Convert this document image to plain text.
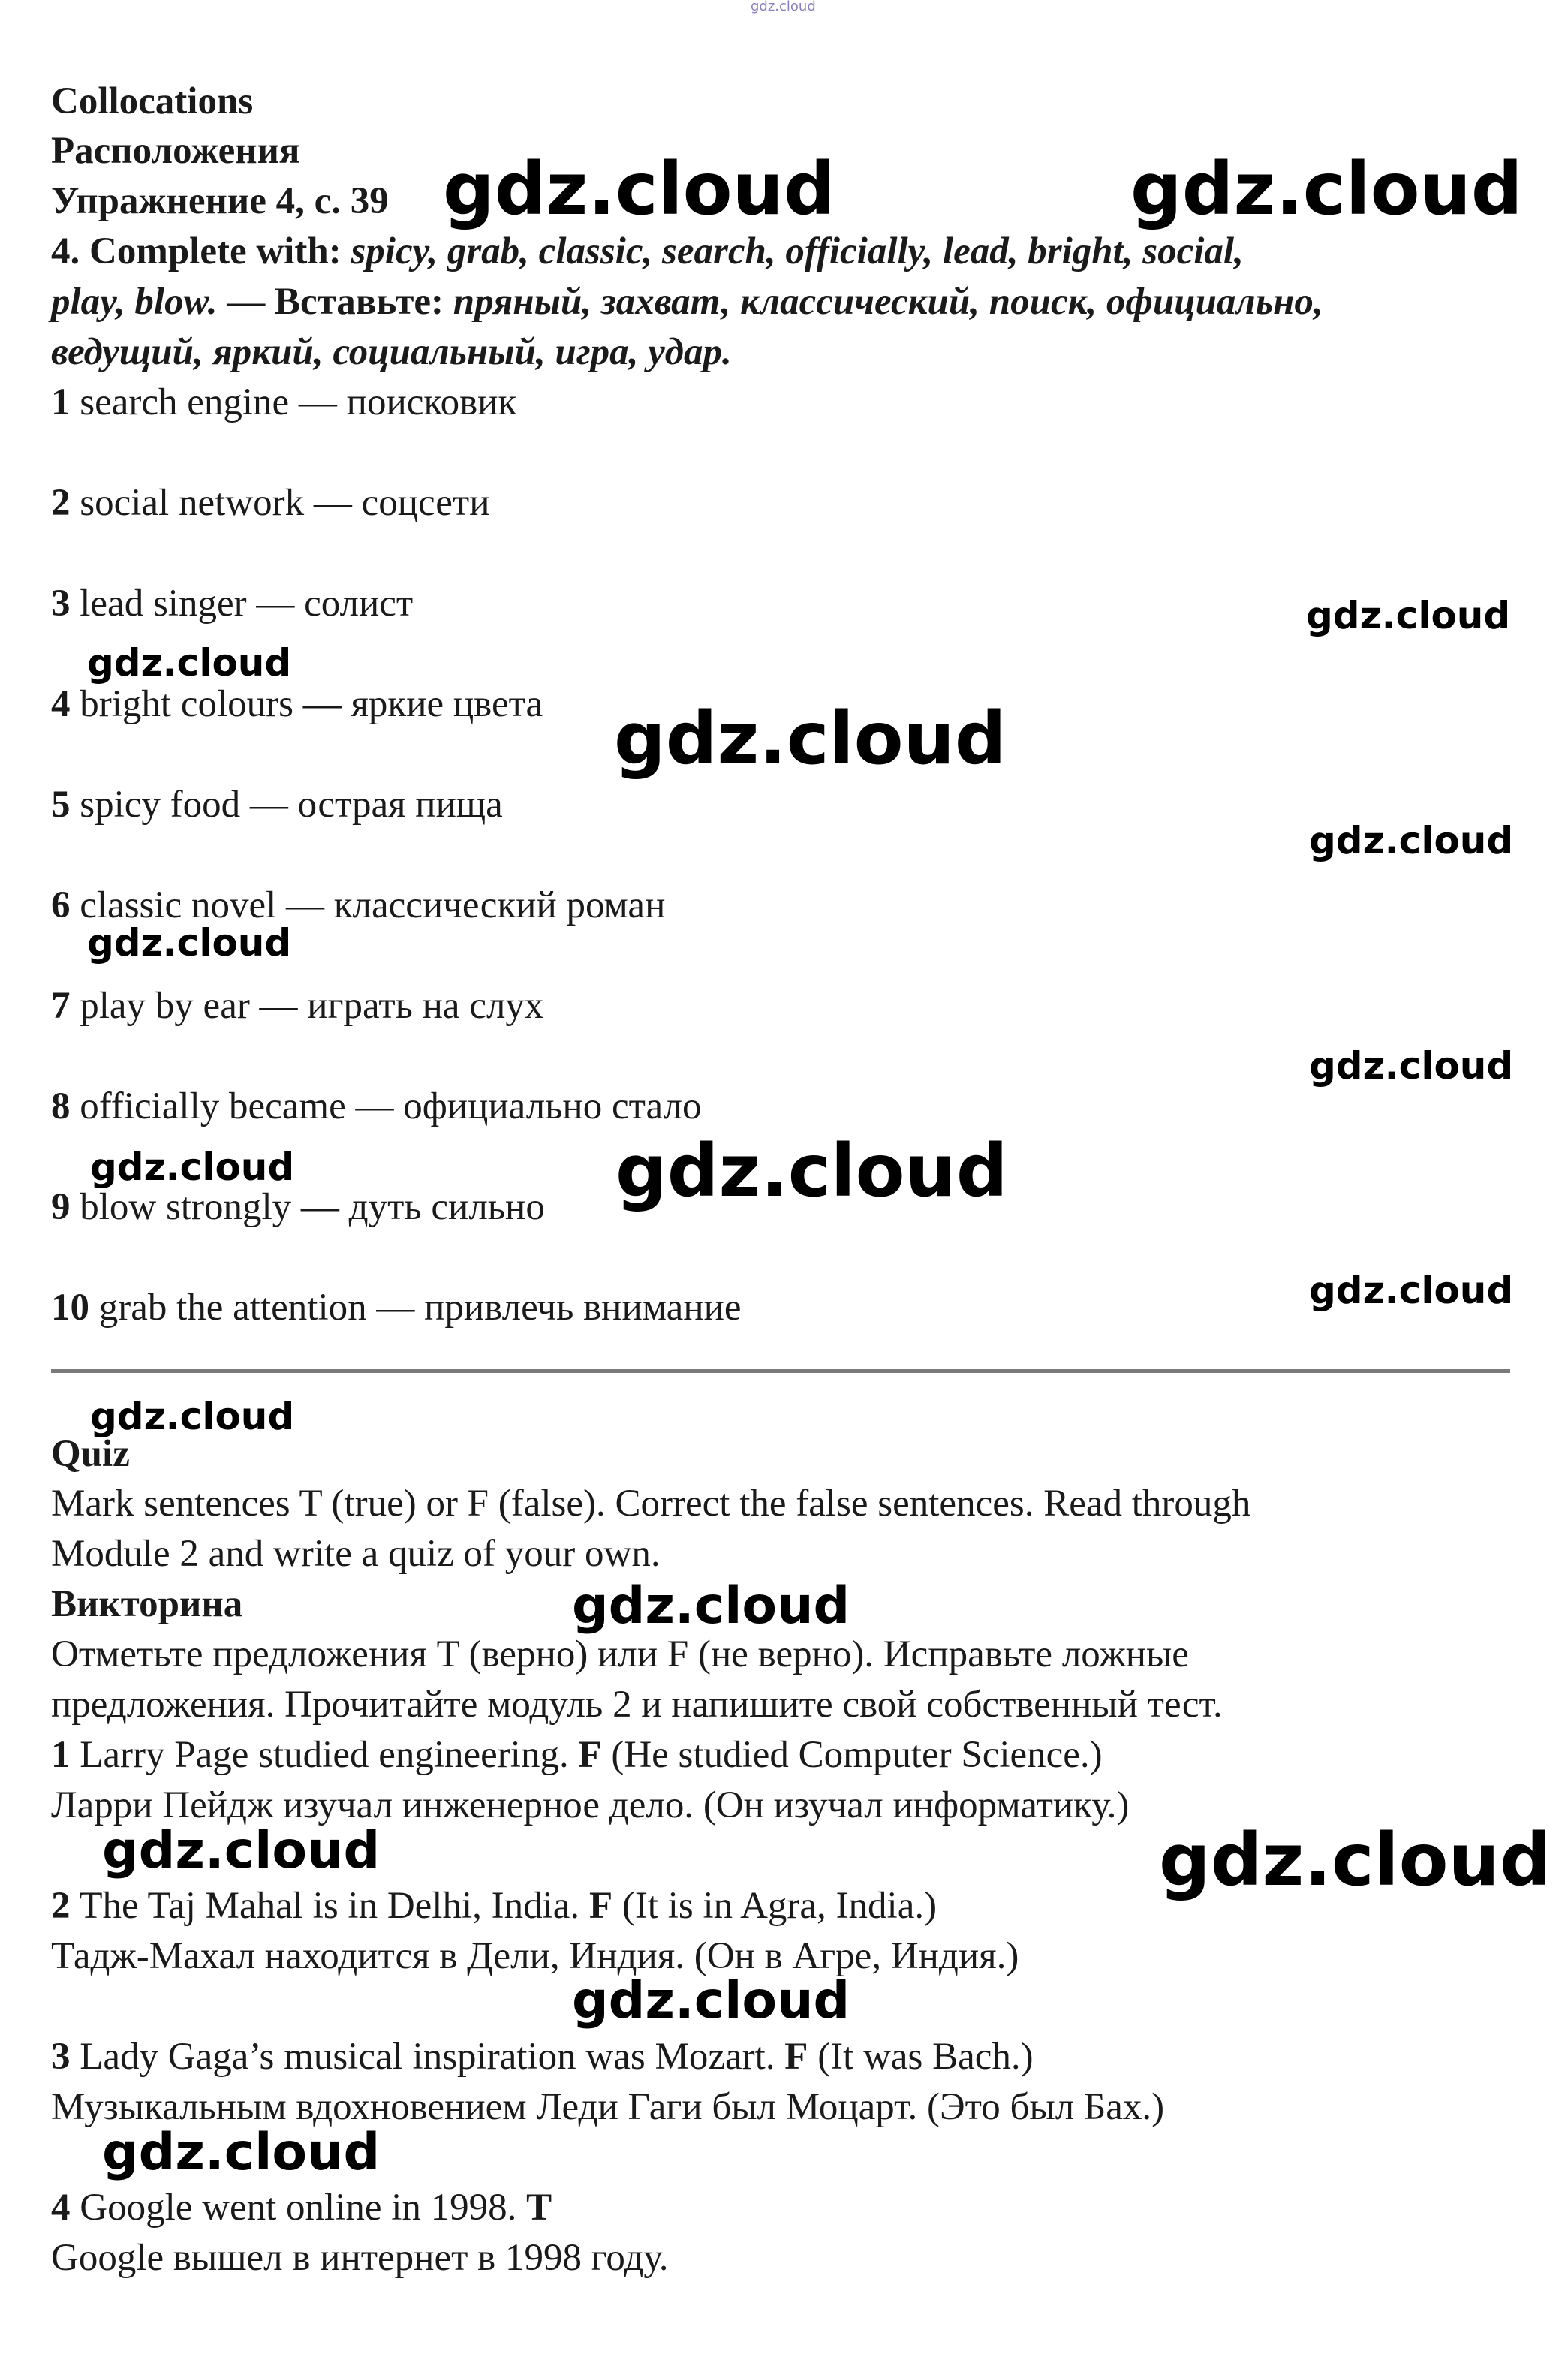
gdz.cloud
Collocations
Расположения
Упражнение 4, с. 39
4. Complete with: spicy, grab, classic, search, officially, lead, bright, social,
play, blow. — Вставьте: пряный, захват, классический, поиск, официально,
ведущий, яркий, социальный, игра, удар.
1 search engine — поисковик
2 social network — соцсети
3 lead singer — солист
4 bright colours — яркие цвета
5 spicy food — острая пища
6 classic novel — классический роман
7 play by ear — играть на слух
8 officially became — официально стало
9 blow strongly — дуть сильно
10 grab the attention — привлечь внимание
Quiz
Mark sentences T (true) or F (false). Correct the false sentences. Read through
Module 2 and write a quiz of your own.
Викторина
Отметьте предложения T (верно) или F (не верно). Исправьте ложные
предложения. Прочитайте модуль 2 и напишите свой собственный тест.
1 Larry Page studied engineering. F (He studied Computer Science.)
Ларри Пейдж изучал инженерное дело. (Он изучал информатику.)
2 The Taj Mahal is in Delhi, India. F (It is in Agra, India.)
Тадж-Махал находится в Дели, Индия. (Он в Агре, Индия.)
3 Lady Gaga’s musical inspiration was Mozart. F (It was Bach.)
Музыкальным вдохновением Леди Гаги был Моцарт. (Это был Бах.)
4 Google went online in 1998. T
Google вышел в интернет в 1998 году.
gdz.cloud	gdz.cloud
gdz.cloud
gdz.cloud
gdz.cloud
gdz.cloud
gdz.cloud
gdz.cloud
gdz.cloud	gdz.cloud
gdz.cloud
gdz.cloud
gdz.cloud
gdz.cloud	gdz.cloud
gdz.cloud
gdz.cloud
